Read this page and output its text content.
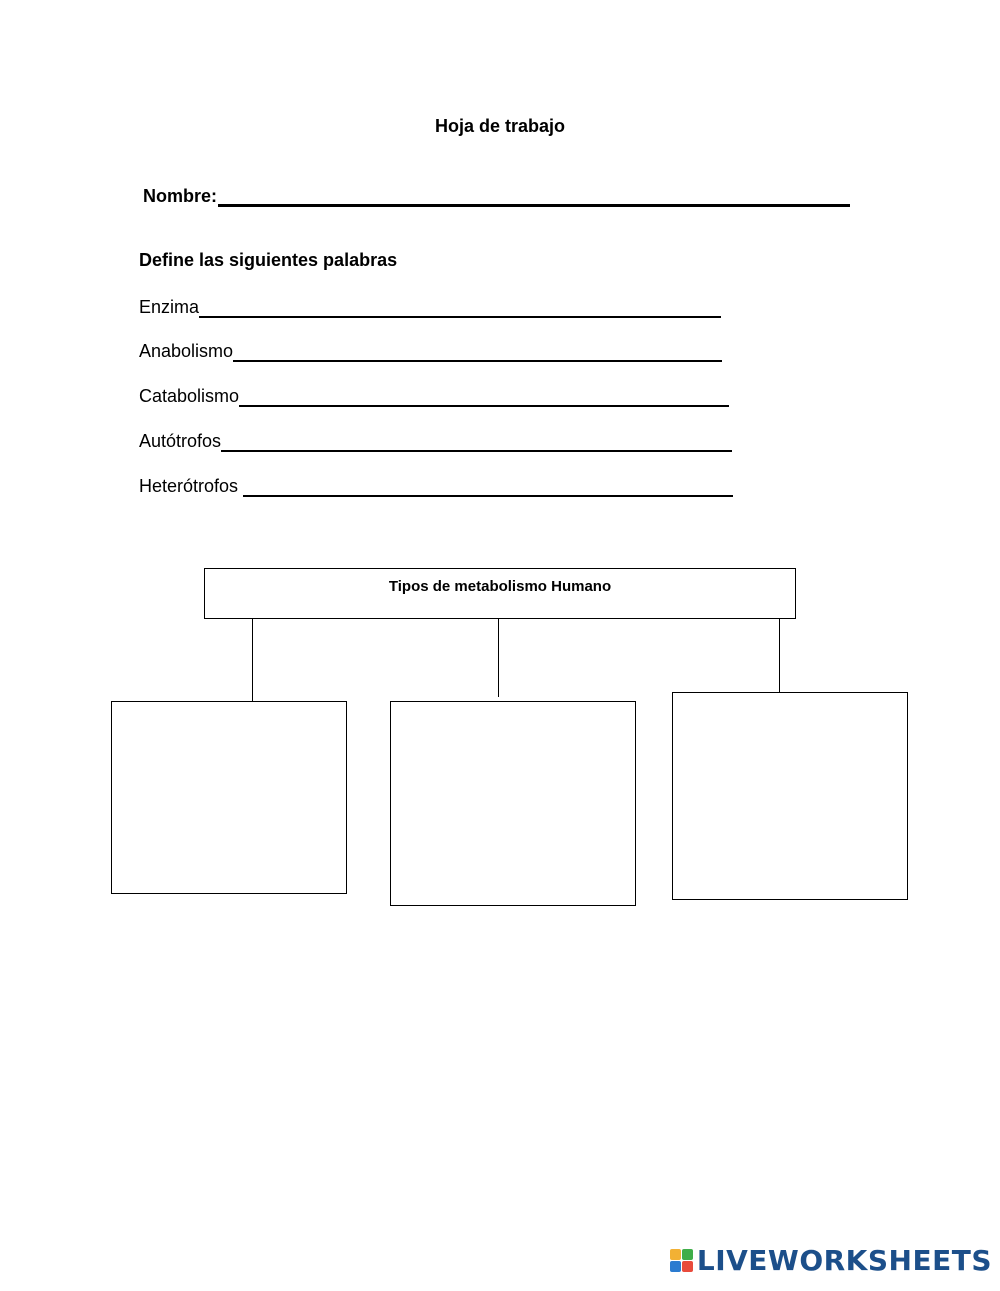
Hoja de trabajo
Nombre:
Define las siguientes palabras
Enzima
Anabolismo
Catabolismo
Autótrofos
Heterótrofos
Tipos de metabolismo Humano
LIVEWORKSHEETS
